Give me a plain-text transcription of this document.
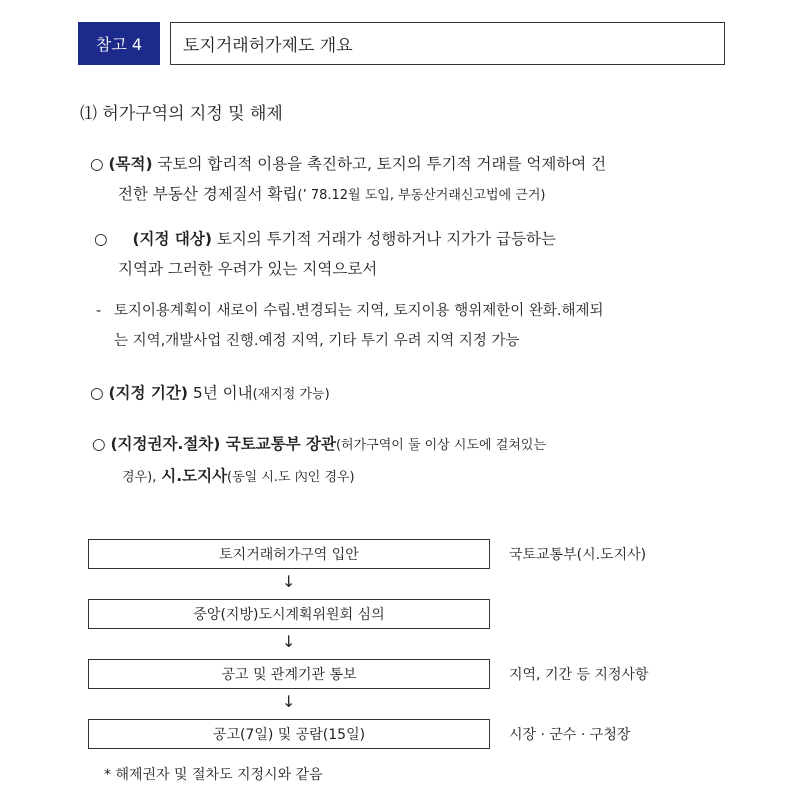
참고 4	토지거래허가제도 개요
⑴ 허가구역의 지정 및 해제
○ (목적) 국토의 합리적 이용을 촉진하고, 토지의 투기적 거래를 억제하여 건
전한 부동산 경제질서 확립(’ 78.12월 도입, 부동산거래신고법에 근거)
○ (지정 대상) 토지의 투기적 거래가 성행하거나 지가가 급등하는
지역과 그러한 우려가 있는 지역으로서
- 토지이용계획이 새로이 수립.변경되는 지역, 토지이용 행위제한이 완화.해제되
는 지역,개발사업 진행.예정 지역, 기타 투기 우려 지역 지정 가능
○ (지정 기간) 5년 이내(재지정 가능)
○ (지정권자.절차) 국토교통부 장관(허가구역이 둘 이상 시도에 걸쳐있는
경우), 시.도지사(동일 시.도 內인 경우)
토지거래허가구역 입안	국토교통부(시.도지사)
↓
중앙(지방)도시계획위원회 심의
↓
공고 및 관계기관 통보	지역, 기간 등 지정사항
↓
공고(7일) 및 공람(15일)	시장 · 군수 · 구청장
* 해제권자 및 절차도 지정시와 같음
